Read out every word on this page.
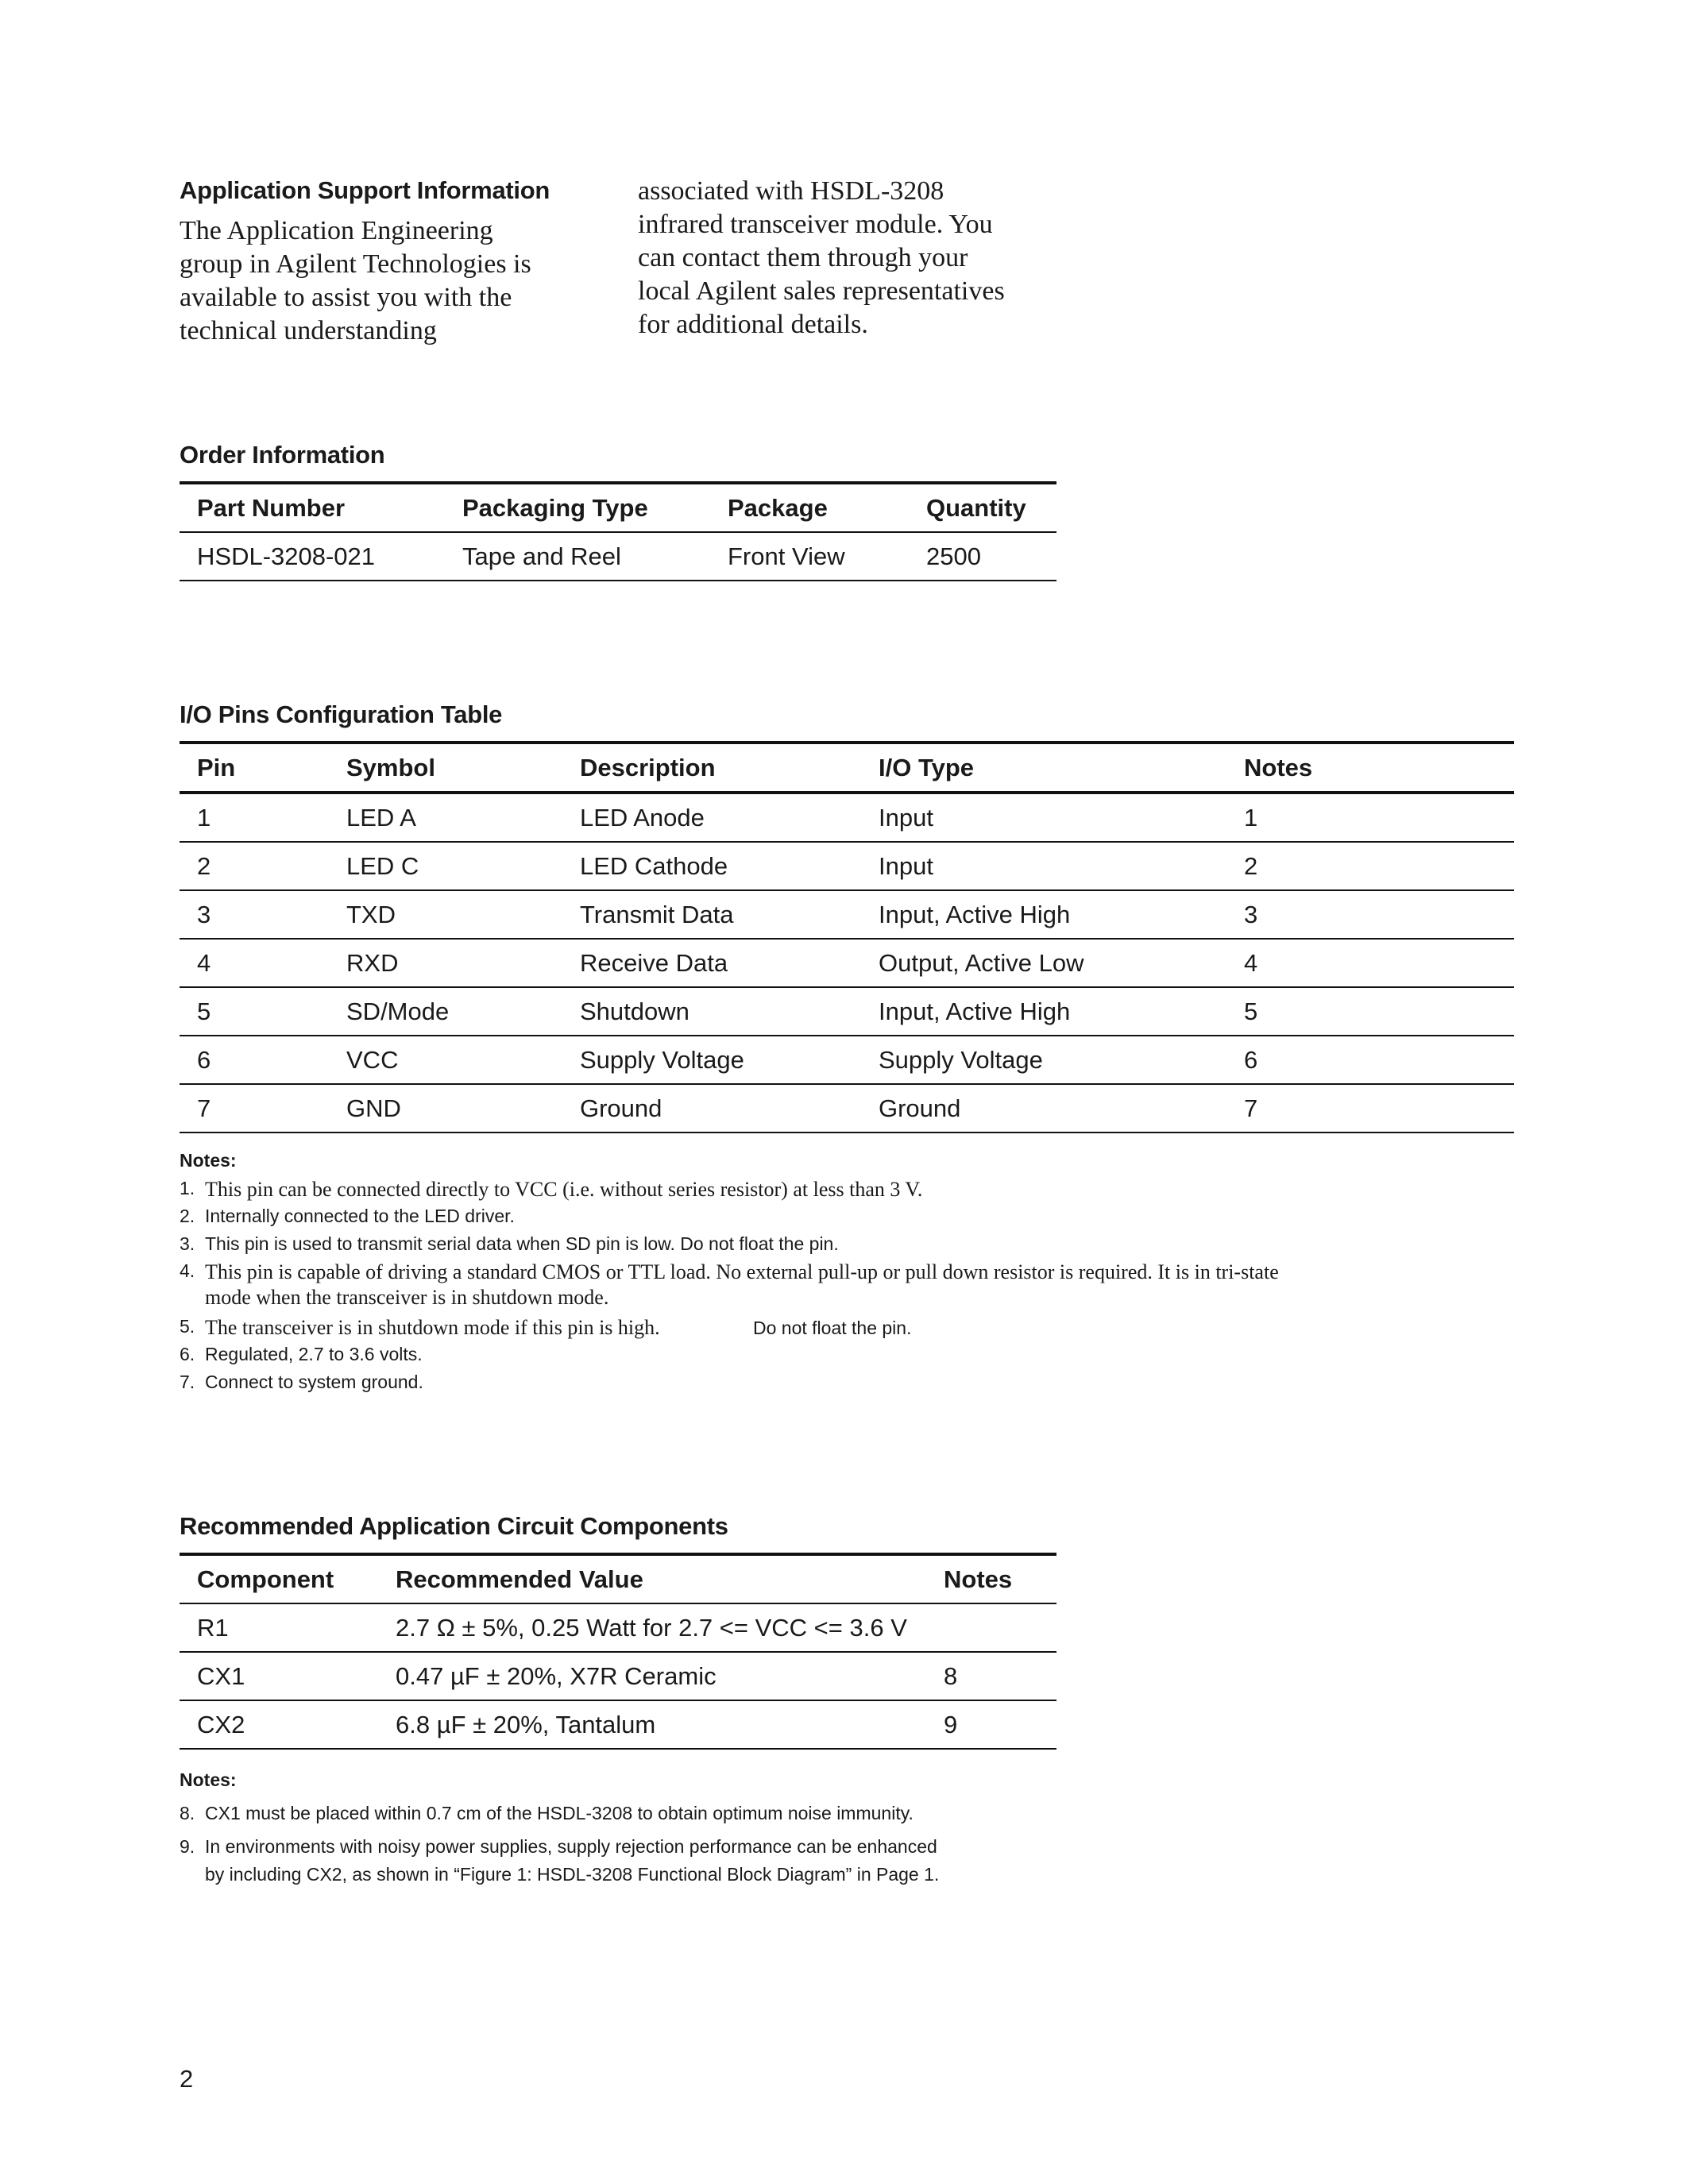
Application Support Information
The Application Engineering
group in Agilent Technologies is
available to assist you with the
technical understanding
associated with HSDL-3208
infrared transceiver module. You
can contact them through your
local Agilent sales representatives
for additional details.
Order Information
Part Number	Packaging Type	Package	Quantity
HSDL-3208-021	Tape and Reel	Front View	2500
I/O Pins Configuration Table
Pin	Symbol	Description	I/O Type	Notes
1	LED A	LED Anode	Input	1
2	LED C	LED Cathode	Input	2
3	TXD	Transmit Data	Input, Active High	3
4	RXD	Receive Data	Output, Active Low	4
5	SD/Mode	Shutdown	Input, Active High	5
6	VCC	Supply Voltage	Supply Voltage	6
7	GND	Ground	Ground	7

Notes:

1. This pin can be connected directly to VCC (i.e. without series resistor) at less than 3 V.
2. Internally connected to the LED driver.
3. This pin is used to transmit serial data when SD pin is low. Do not float the pin.
4. This pin is capable of driving a standard CMOS or TTL load. No external pull-up or pull down resistor is required. It is in tri-state
mode when the transceiver is in shutdown mode.
5. The transceiver is in shutdown mode if this pin is high.	Do not float the pin.
6. Regulated, 2.7 to 3.6 volts.
7. Connect to system ground.
Recommended Application Circuit Components
Component	Recommended Value	Notes
R1	2.7 Ω ± 5%, 0.25 Watt for 2.7 <= VCC <= 3.6 V	
CX1	0.47 µF ± 20%, X7R Ceramic	8
CX2	6.8 µF ± 20%, Tantalum	9

Notes:

8. CX1 must be placed within 0.7 cm of the HSDL-3208 to obtain optimum noise immunity.
9. In environments with noisy power supplies, supply rejection performance can be enhanced
by including CX2, as shown in “Figure 1: HSDL-3208 Functional Block Diagram” in Page 1.

2
